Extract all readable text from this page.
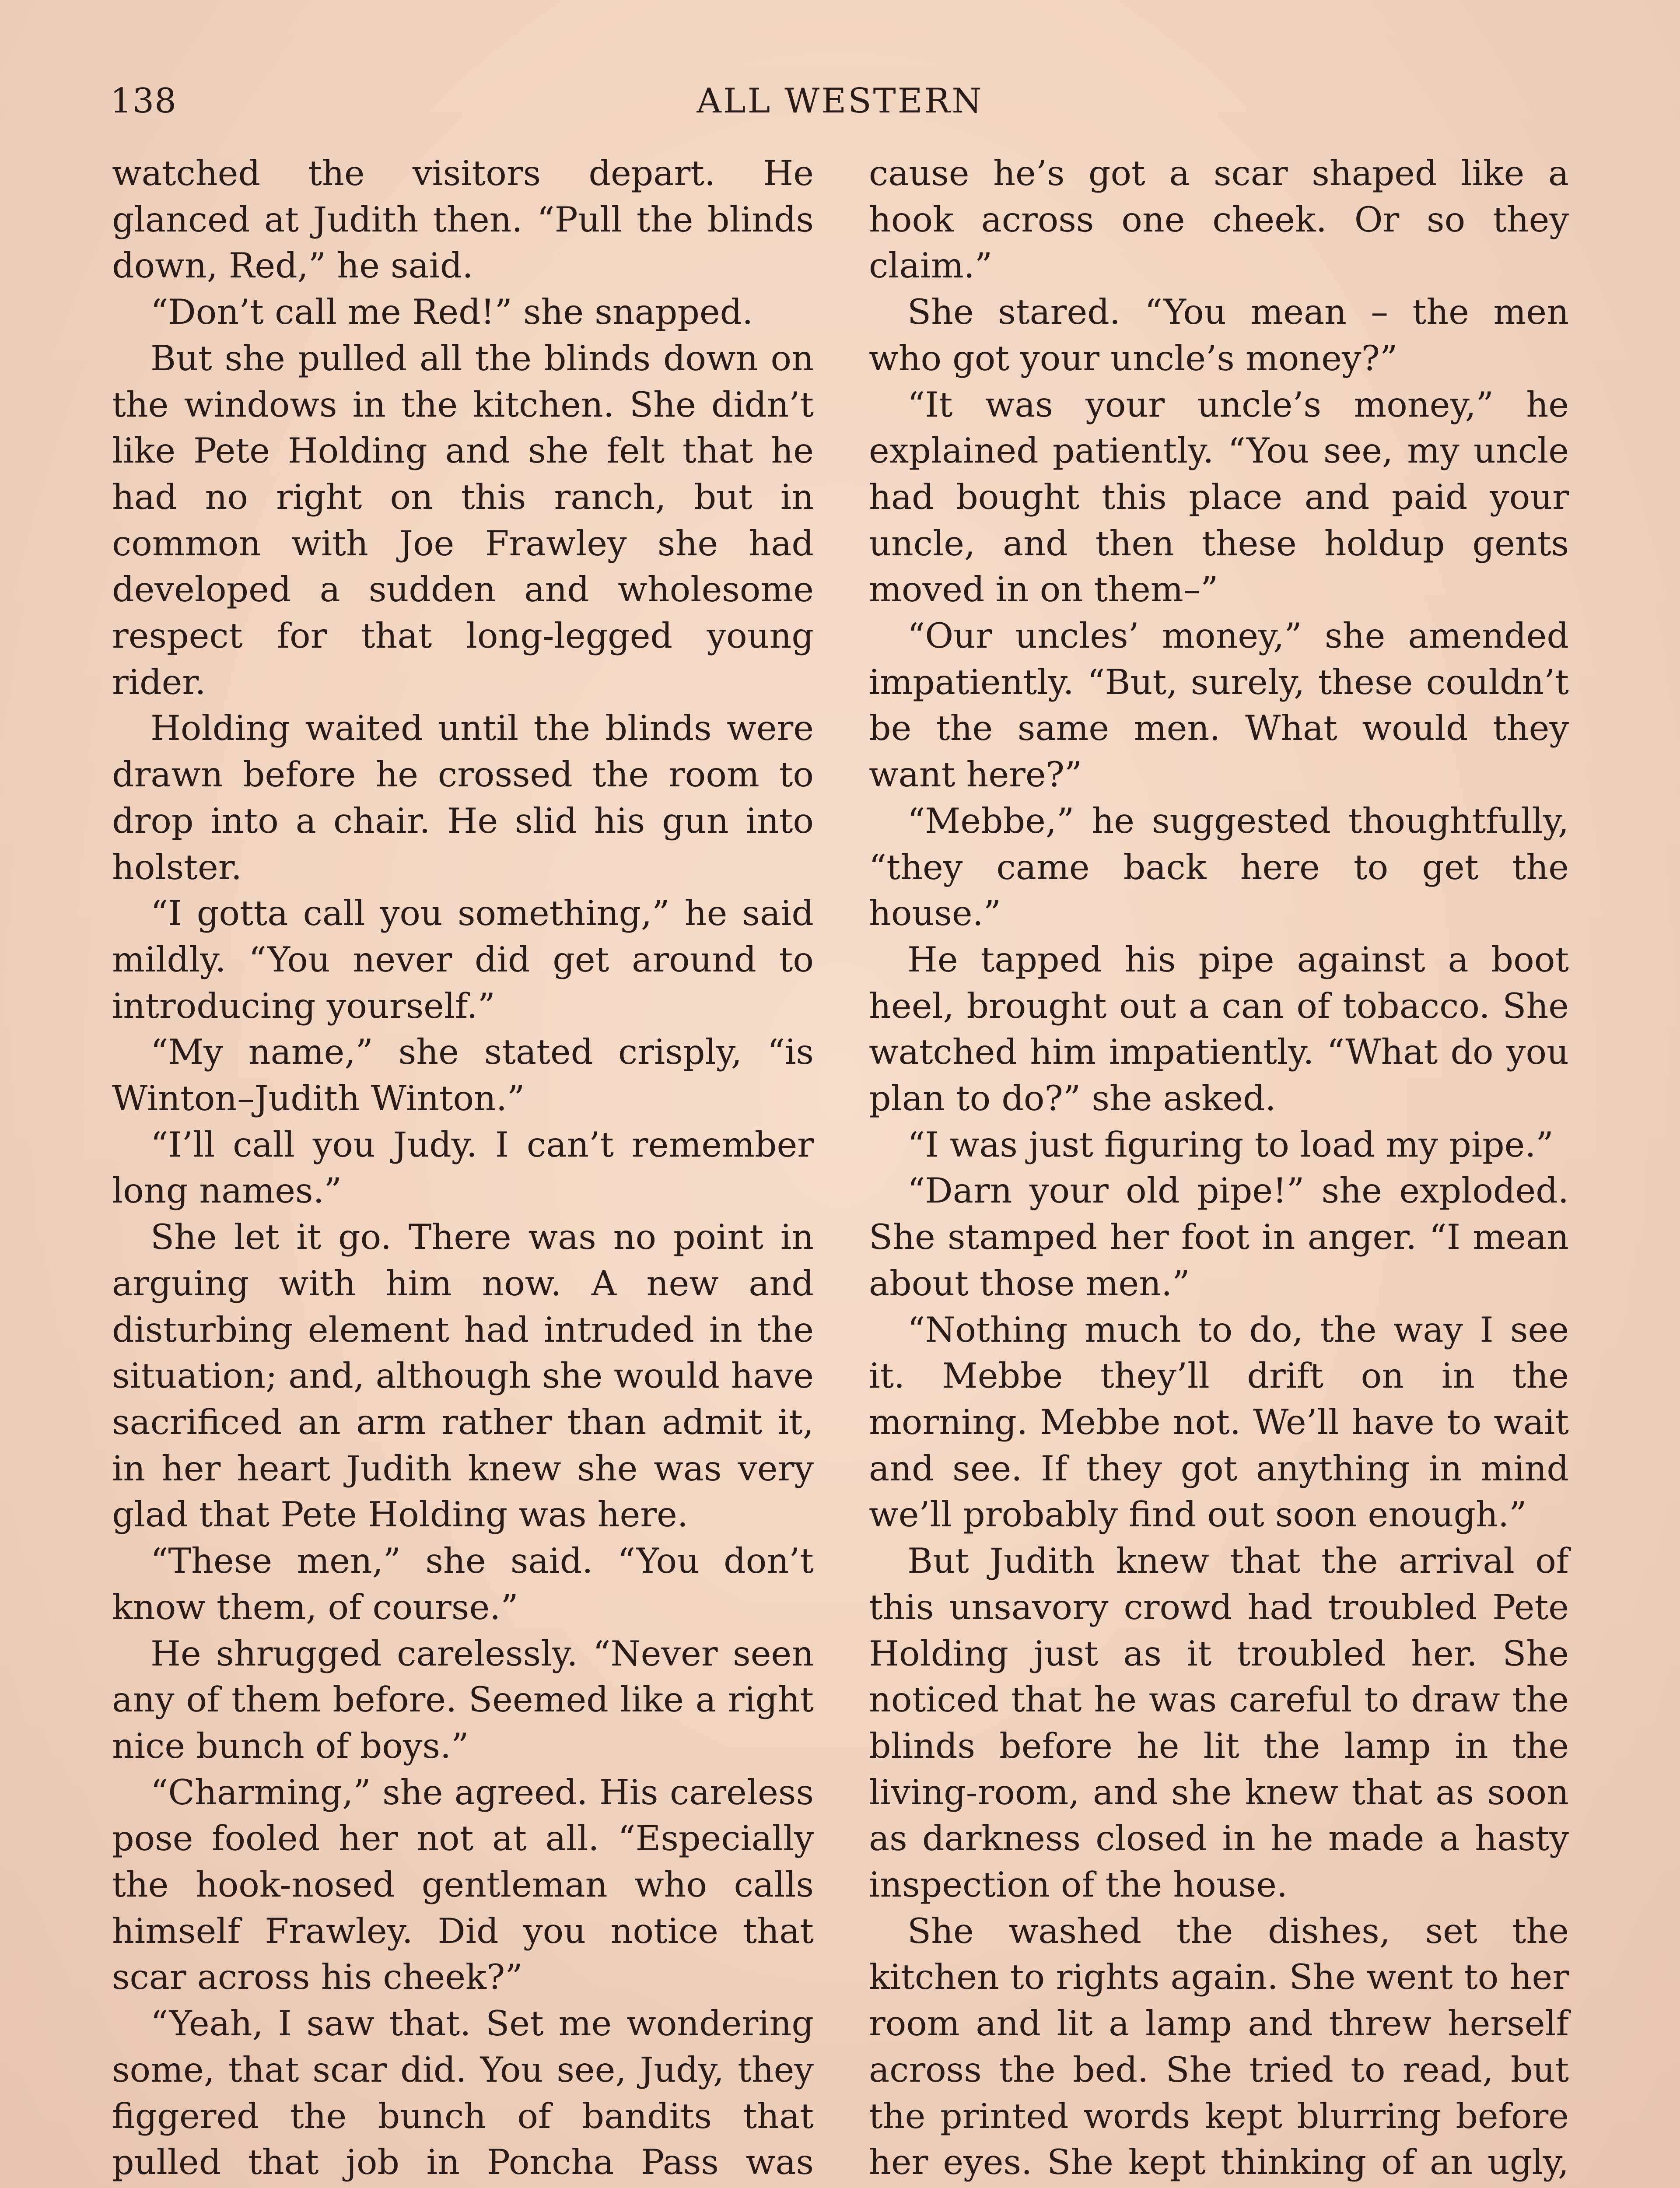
138	ALL WESTERN

watched the visitors depart. He glanced at Judith then. “Pull the blinds down, Red,” he said.

“Don’t call me Red!” she snapped.

But she pulled all the blinds down on the windows in the kitchen. She didn’t like Pete Holding and she felt that he had no right on this ranch, but in common with Joe Frawley she had developed a sudden and wholesome respect for that long-legged young rider.

Holding waited until the blinds were drawn before he crossed the room to drop into a chair. He slid his gun into holster.

“I gotta call you something,” he said mildly. “You never did get around to introducing yourself.”

“My name,” she stated crisply, “is Winton–Judith Winton.”

“I’ll call you Judy. I can’t remember long names.”

She let it go. There was no point in arguing with him now. A new and disturbing element had intruded in the situation; and, although she would have sacrificed an arm rather than admit it, in her heart Judith knew she was very glad that Pete Holding was here.

“These men,” she said. “You don’t know them, of course.”

He shrugged carelessly. “Never seen any of them before. Seemed like a right nice bunch of boys.”

“Charming,” she agreed. His careless pose fooled her not at all. “Especially the hook-nosed gentleman who calls himself Frawley. Did you notice that scar across his cheek?”

“Yeah, I saw that. Set me wondering some, that scar did. You see, Judy, they figgered the bunch of bandits that pulled that job in Poncha Pass was

cause he’s got a scar shaped like a hook across one cheek. Or so they claim.”

She stared. “You mean – the men who got your uncle’s money?”

“It was your uncle’s money,” he explained patiently. “You see, my uncle had bought this place and paid your uncle, and then these holdup gents moved in on them–”

“Our uncles’ money,” she amended impatiently. “But, surely, these couldn’t be the same men. What would they want here?”

“Mebbe,” he suggested thoughtfully, “they came back here to get the house.”

He tapped his pipe against a boot heel, brought out a can of tobacco. She watched him impatiently. “What do you plan to do?” she asked.

“I was just figuring to load my pipe.”

“Darn your old pipe!” she exploded. She stamped her foot in anger. “I mean about those men.”

“Nothing much to do, the way I see it. Mebbe they’ll drift on in the morning. Mebbe not. We’ll have to wait and see. If they got anything in mind we’ll probably find out soon enough.”

But Judith knew that the arrival of this unsavory crowd had troubled Pete Holding just as it troubled her. She noticed that he was careful to draw the blinds before he lit the lamp in the living-room, and she knew that as soon as darkness closed in he made a hasty inspection of the house.

She washed the dishes, set the kitchen to rights again. She went to her room and lit a lamp and threw herself across the bed. She tried to read, but the printed words kept blurring before her eyes. She kept thinking of an ugly,
